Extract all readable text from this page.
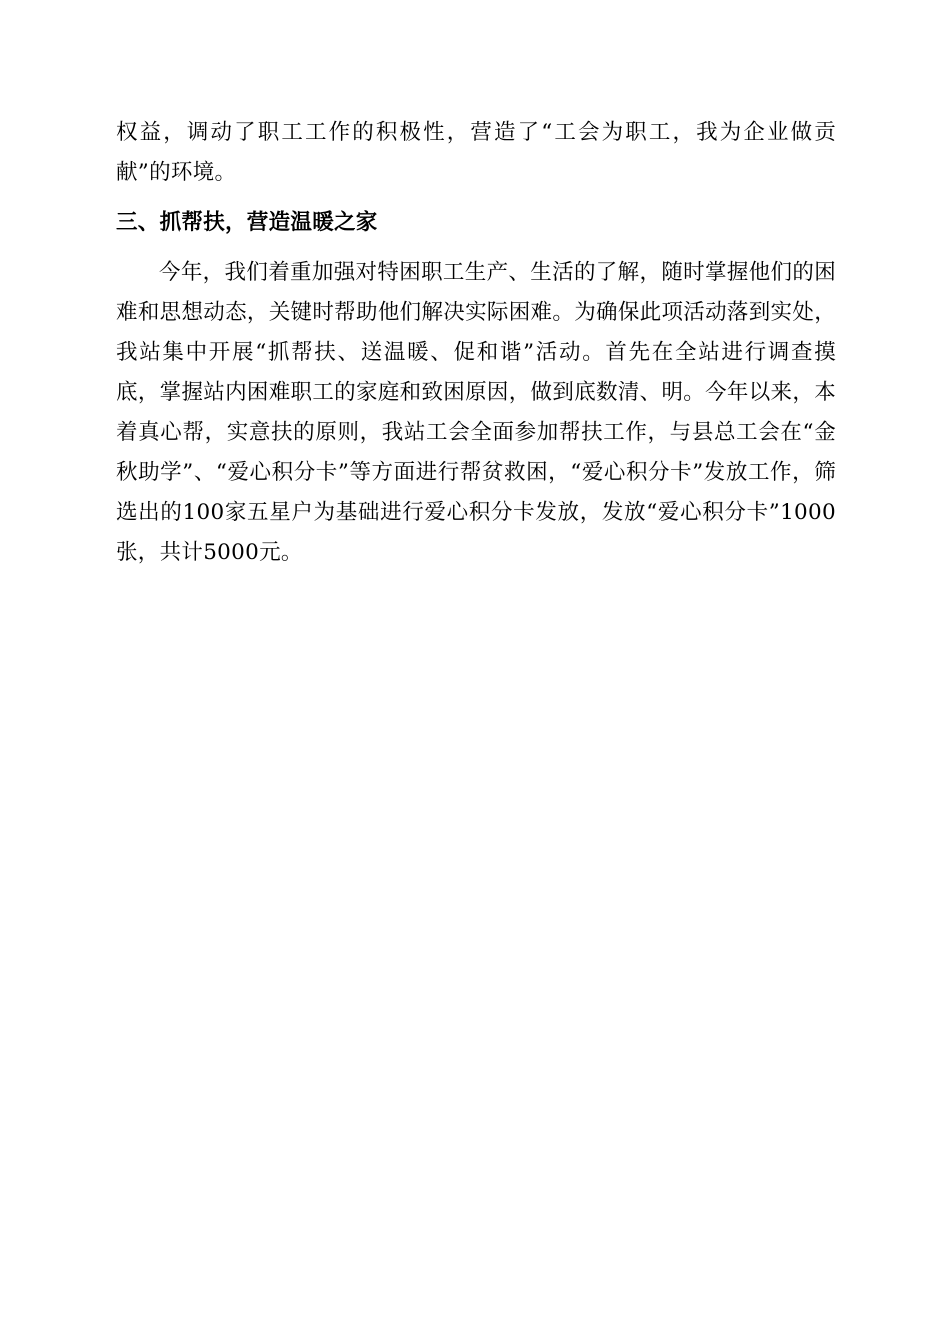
权益，调动了职工工作的积极性，营造了“工会为职工，我为企业做贡献”的环境。

三、抓帮扶，营造温暖之家

今年，我们着重加强对特困职工生产、生活的了解，随时掌握他们的困难和思想动态，关键时帮助他们解决实际困难。为确保此项活动落到实处，我站集中开展“抓帮扶、送温暖、促和谐”活动。首先在全站进行调查摸底，掌握站内困难职工的家庭和致困原因，做到底数清、明。今年以来，本着真心帮，实意扶的原则，我站工会全面参加帮扶工作，与县总工会在“金秋助学”、“爱心积分卡”等方面进行帮贫救困，“爱心积分卡”发放工作，筛选出的100家五星户为基础进行爱心积分卡发放，发放“爱心积分卡”1000张，共计5000元。
